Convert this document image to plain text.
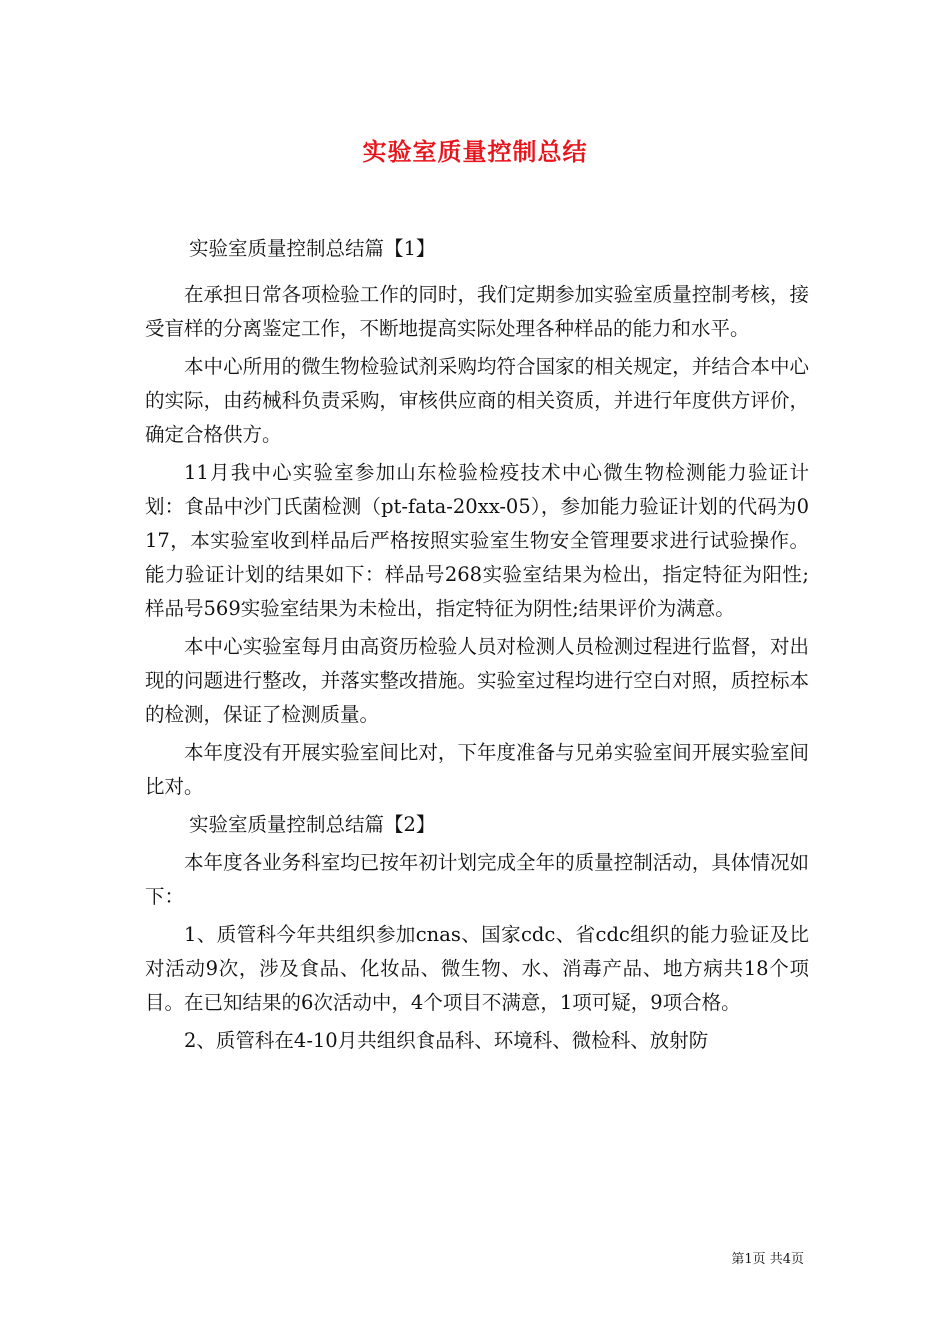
实验室质量控制总结

实验室质量控制总结篇【1】

在承担日常各项检验工作的同时，我们定期参加实验室质量控制考核，接受盲样的分离鉴定工作，不断地提高实际处理各种样品的能力和水平。

本中心所用的微生物检验试剂采购均符合国家的相关规定，并结合本中心的实际，由药械科负责采购，审核供应商的相关资质，并进行年度供方评价，确定合格供方。

11月我中心实验室参加山东检验检疫技术中心微生物检测能力验证计划：食品中沙门氏菌检测（pt-fata-20xx-05），参加能力验证计划的代码为017，本实验室收到样品后严格按照实验室生物安全管理要求进行试验操作。能力验证计划的结果如下：样品号268实验室结果为检出，指定特征为阳性;样品号569实验室结果为未检出，指定特征为阴性;结果评价为满意。

本中心实验室每月由高资历检验人员对检测人员检测过程进行监督，对出现的问题进行整改，并落实整改措施。实验室过程均进行空白对照，质控标本的检测，保证了检测质量。

本年度没有开展实验室间比对，下年度准备与兄弟实验室间开展实验室间比对。

实验室质量控制总结篇【2】

本年度各业务科室均已按年初计划完成全年的质量控制活动，具体情况如下：

1、质管科今年共组织参加cnas、国家cdc、省cdc组织的能力验证及比对活动9次，涉及食品、化妆品、微生物、水、消毒产品、地方病共18个项目。在已知结果的6次活动中，4个项目不满意，1项可疑，9项合格。

2、质管科在4-10月共组织食品科、环境科、微检科、放射防

第1页 共4页
